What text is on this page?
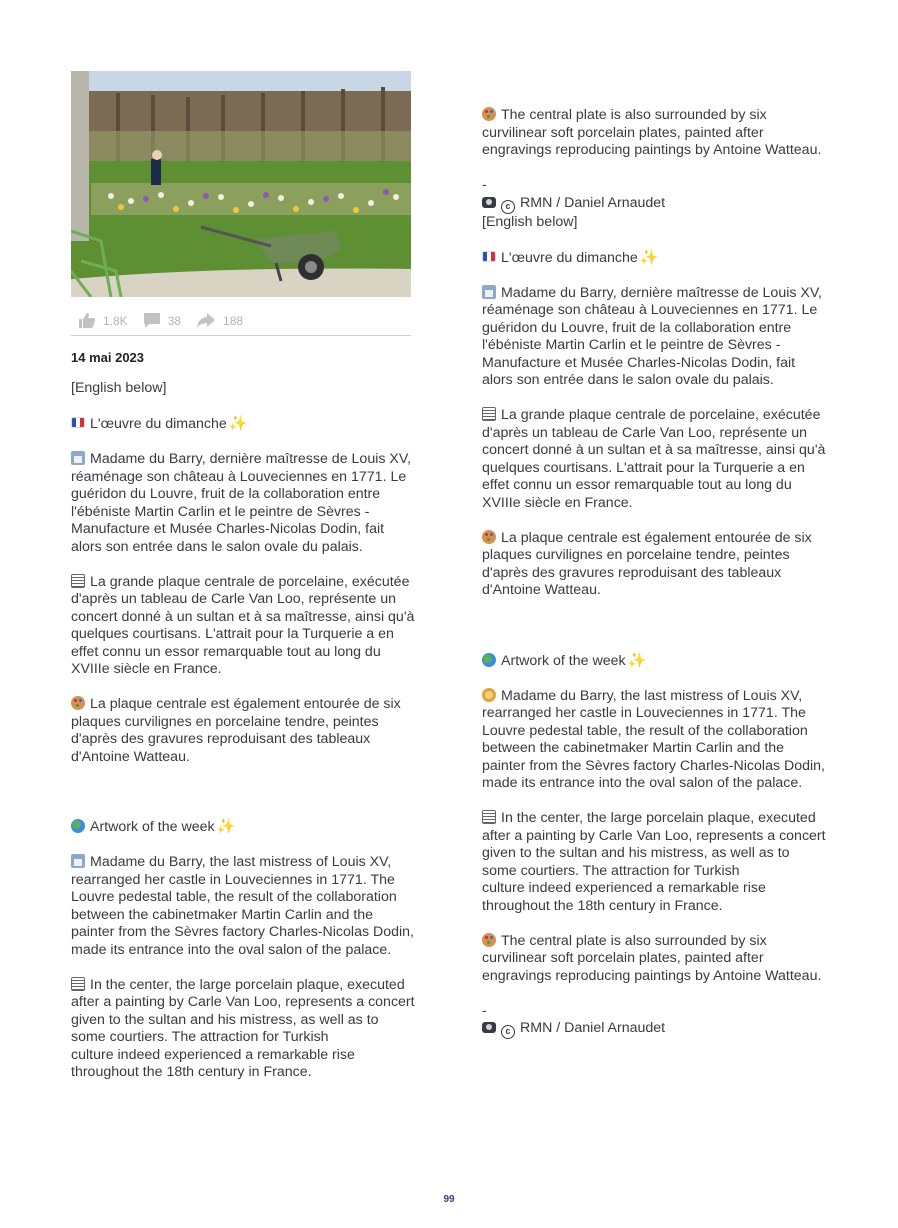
1.8K	38	188
14 mai 2023

[English below]

L'œuvre du dimanche ✨

Madame du Barry, dernière maîtresse de Louis XV, réaménage son château à Louveciennes en 1771. Le guéridon du Louvre, fruit de la collaboration entre l'ébéniste Martin Carlin et le peintre de Sèvres - Manufacture et Musée Charles-Nicolas Dodin, fait alors son entrée dans le salon ovale du palais.

La grande plaque centrale de porcelaine, exécutée d'après un tableau de Carle Van Loo, représente un concert donné à un sultan et à sa maîtresse, ainsi qu'à quelques courtisans. L'attrait pour la Turquerie a en effet connu un essor remarquable tout au long du XVIIIe siècle en France.

La plaque centrale est également entourée de six plaques curvilignes en porcelaine tendre, peintes d'après des gravures reproduisant des tableaux d'Antoine Watteau.

Artwork of the week ✨

Madame du Barry, the last mistress of Louis XV, rearranged her castle in Louveciennes in 1771. The Louvre pedestal table, the result of the collaboration between the cabinetmaker Martin Carlin and the painter from the Sèvres factory Charles-Nicolas Dodin, made its entrance into the oval salon of the palace.

In the center, the large porcelain plaque, executed after a painting by Carle Van Loo, represents a concert given to the sultan and his mistress, as well as to some courtiers. The attraction for Turkish
culture indeed experienced a remarkable rise throughout the 18th century in France.

The central plate is also surrounded by six curvilinear soft porcelain plates, painted after engravings reproducing paintings by Antoine Watteau.

-

c RMN / Daniel Arnaudet

[English below]

L'œuvre du dimanche ✨

Madame du Barry, dernière maîtresse de Louis XV, réaménage son château à Louveciennes en 1771. Le guéridon du Louvre, fruit de la collaboration entre l'ébéniste Martin Carlin et le peintre de Sèvres - Manufacture et Musée Charles-Nicolas Dodin, fait alors son entrée dans le salon ovale du palais.

La grande plaque centrale de porcelaine, exécutée d'après un tableau de Carle Van Loo, représente un concert donné à un sultan et à sa maîtresse, ainsi qu'à quelques courtisans. L'attrait pour la Turquerie a en effet connu un essor remarquable tout au long du XVIIIe siècle en France.

La plaque centrale est également entourée de six plaques curvilignes en porcelaine tendre, peintes d'après des gravures reproduisant des tableaux d'Antoine Watteau.

Artwork of the week ✨

Madame du Barry, the last mistress of Louis XV, rearranged her castle in Louveciennes in 1771. The Louvre pedestal table, the result of the collaboration between the cabinetmaker Martin Carlin and the painter from the Sèvres factory Charles-Nicolas Dodin, made its entrance into the oval salon of the palace.

In the center, the large porcelain plaque, executed after a painting by Carle Van Loo, represents a concert given to the sultan and his mistress, as well as to some courtiers. The attraction for Turkish
culture indeed experienced a remarkable rise throughout the 18th century in France.

The central plate is also surrounded by six curvilinear soft porcelain plates, painted after engravings reproducing paintings by Antoine Watteau.

-

c RMN / Daniel Arnaudet

99
